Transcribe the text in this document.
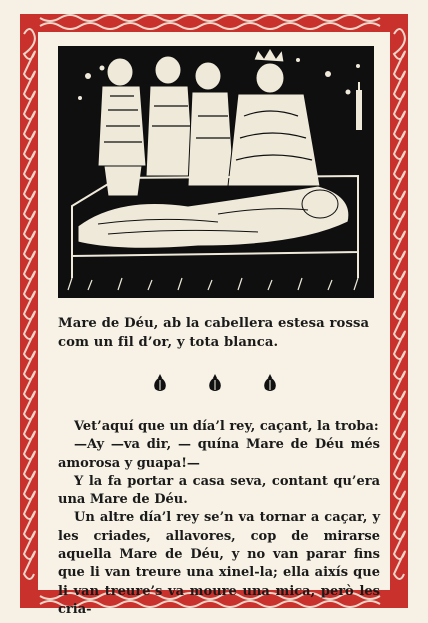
Mare de Déu, ab la cabellera estesa rossa
com un fil d’or, y tota blanca.

Vet’aquí que un día’l rey, caçant, la troba:

—Ay —va dir, — quína Mare de Déu més amorosa y guapa!—

Y la fa portar a casa seva, contant qu’era una Mare de Déu.

Un altre día’l rey se’n va tornar a caçar, y les criades, allavores, cop de mirarse aquella Mare de Déu, y no van parar fins que li van treure una xinel-la; ella aixís que li van treure’s va moure una mica, però les cria-
